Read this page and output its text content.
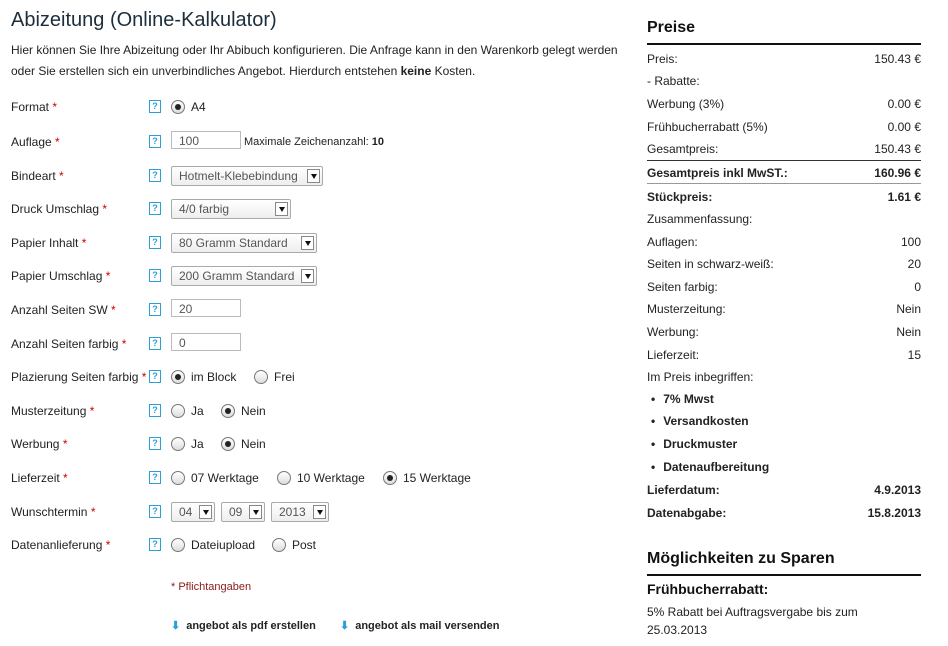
Abizeitung (Online-Kalkulator)
Hier können Sie Ihre Abizeitung oder Ihr Abibuch konfigurieren. Die Anfrage kann in den Warenkorb gelegt werden oder Sie erstellen sich ein unverbindliches Angebot. Hierdurch entstehen keine Kosten.
Format *	?	A4
Auflage *	?	100	Maximale Zeichenanzahl: 10
Bindeart *	?	Hotmelt-Klebebindung
Druck Umschlag *	?	4/0 farbig
Papier Inhalt *	?	80 Gramm Standard
Papier Umschlag *	?	200 Gramm Standard
Anzahl Seiten SW *	?	20
Anzahl Seiten farbig *	?	0
Plazierung Seiten farbig * ?	im Block	Frei
Musterzeitung *	?	Ja	Nein
Werbung *	?	Ja	Nein
Lieferzeit *	?	07 Werktage	10 Werktage	15 Werktage
Wunschtermin *	?	04	09	2013
Datenanlieferung *	?	Dateiupload	Post
* Pflichtangaben
⬇ angebot als pdf erstellen ⬇ angebot als mail versenden
Preise
Preis:	150.43 €
- Rabatte:
Werbung (3%)	0.00 €
Frühbucherrabatt (5%)	0.00 €
Gesamtpreis:	150.43 €
Gesamtpreis inkl MwST.:	160.96 €
Stückpreis:	1.61 €
Zusammenfassung:
Auflagen:	100
Seiten in schwarz-weiß:	20
Seiten farbig:	0
Musterzeitung:	Nein
Werbung:	Nein
Lieferzeit:	15
Im Preis inbegriffen:
• 7% Mwst
• Versandkosten
• Druckmuster
• Datenaufbereitung
Lieferdatum:	4.9.2013
Datenabgabe:	15.8.2013
Möglichkeiten zu Sparen
Frühbucherrabatt:
5% Rabatt bei Auftragsvergabe bis zum 25.03.2013
